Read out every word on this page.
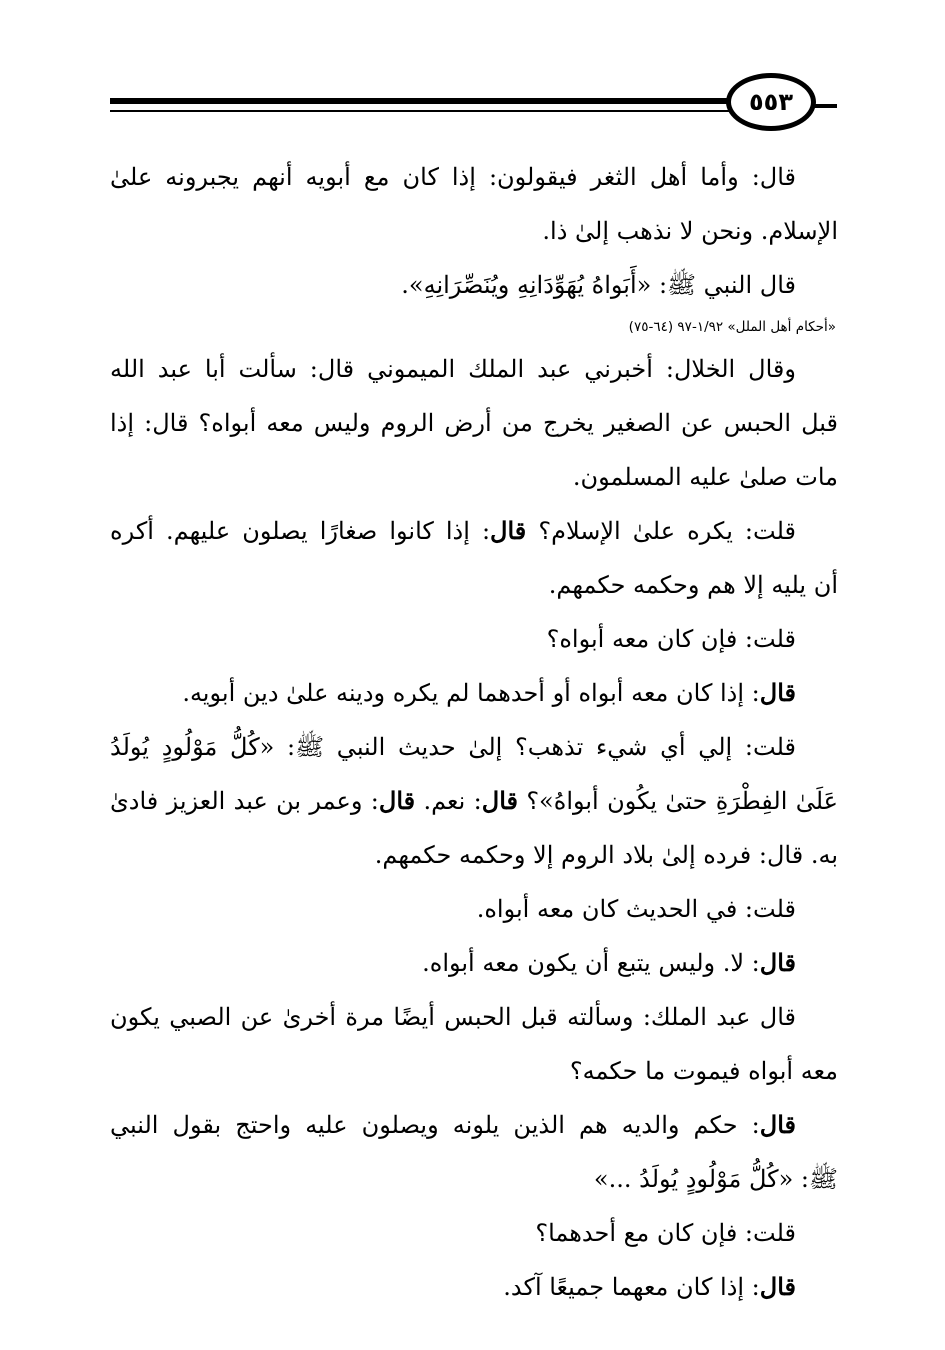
٥٥٣
قال: وأما أهل الثغر فيقولون: إذا كان مع أبويه أنهم يجبرونه علىٰ
الإسلام. ونحن لا نذهب إلىٰ ذا.
قال النبي ﷺ: «أَبَواهُ يُهَوِّدَانِهِ ويُنَصِّرَانِهِ».
«أحكام أهل الملل» ١/٩٢-٩٧ (٦٤-٧٥)
وقال الخلال: أخبرني عبد الملك الميموني قال: سألت أبا عبد الله
قبل الحبس عن الصغير يخرج من أرض الروم وليس معه أبواه؟ قال: إذا
مات صلىٰ عليه المسلمون.
قلت: يكره علىٰ الإسلام؟ قال: إذا كانوا صغارًا يصلون عليهم. أكره
أن يليه إلا هم وحكمه حكمهم.
قلت: فإن كان معه أبواه؟
قال: إذا كان معه أبواه أو أحدهما لم يكره ودينه علىٰ دين أبويه.
قلت: إلي أي شيء تذهب؟ إلىٰ حديث النبي ﷺ: «كُلُّ مَوْلُودٍ يُولَدُ
عَلَىٰ الفِطْرَةِ حتىٰ يكُون أبواهُ»؟ قال: نعم. قال: وعمر بن عبد العزيز فادىٰ
به. قال: فرده إلىٰ بلاد الروم إلا وحكمه حكمهم.
قلت: في الحديث كان معه أبواه.
قال: لا. وليس يتبع أن يكون معه أبواه.
قال عبد الملك: وسألته قبل الحبس أيضًا مرة أخرىٰ عن الصبي يكون
معه أبواه فيموت ما حكمه؟
قال: حكم والديه هم الذين يلونه ويصلون عليه واحتج بقول النبي
ﷺ: «كُلُّ مَوْلُودٍ يُولَدُ ...»
قلت: فإن كان مع أحدهما؟
قال: إذا كان معهما جميعًا آكد.
